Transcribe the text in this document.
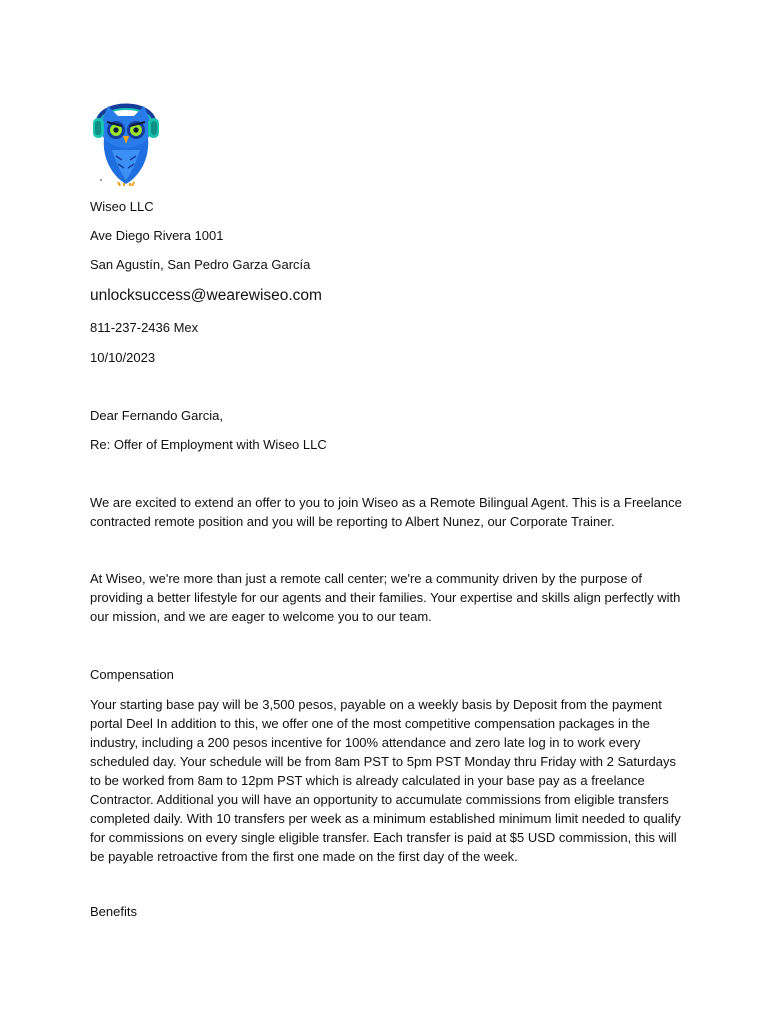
Wiseo LLC
Ave Diego Rivera 1001
San Agustín, San Pedro Garza García
unlocksuccess@wearewiseo.com
811-237-2436 Mex
10/10/2023
Dear Fernando Garcia,
Re: Offer of Employment with Wiseo LLC

We are excited to extend an offer to you to join Wiseo as a Remote Bilingual Agent. This is a Freelance contracted remote position and you will be reporting to Albert Nunez, our Corporate Trainer.

At Wiseo, we're more than just a remote call center; we're a community driven by the purpose of providing a better lifestyle for our agents and their families. Your expertise and skills align perfectly with our mission, and we are eager to welcome you to our team.

Compensation

Your starting base pay will be 3,500 pesos, payable on a weekly basis by Deposit from the payment portal Deel In addition to this, we offer one of the most competitive compensation packages in the industry, including a 200 pesos incentive for 100% attendance and zero late log in to work every scheduled day. Your schedule will be from 8am PST to 5pm PST Monday thru Friday with 2 Saturdays to be worked from 8am to 12pm PST which is already calculated in your base pay as a freelance Contractor. Additional you will have an opportunity to accumulate commissions from eligible transfers completed daily. With 10 transfers per week as a minimum established minimum limit needed to qualify for commissions on every single eligible transfer. Each transfer is paid at $5 USD commission, this will be payable retroactive from the first one made on the first day of the week.

Benefits
